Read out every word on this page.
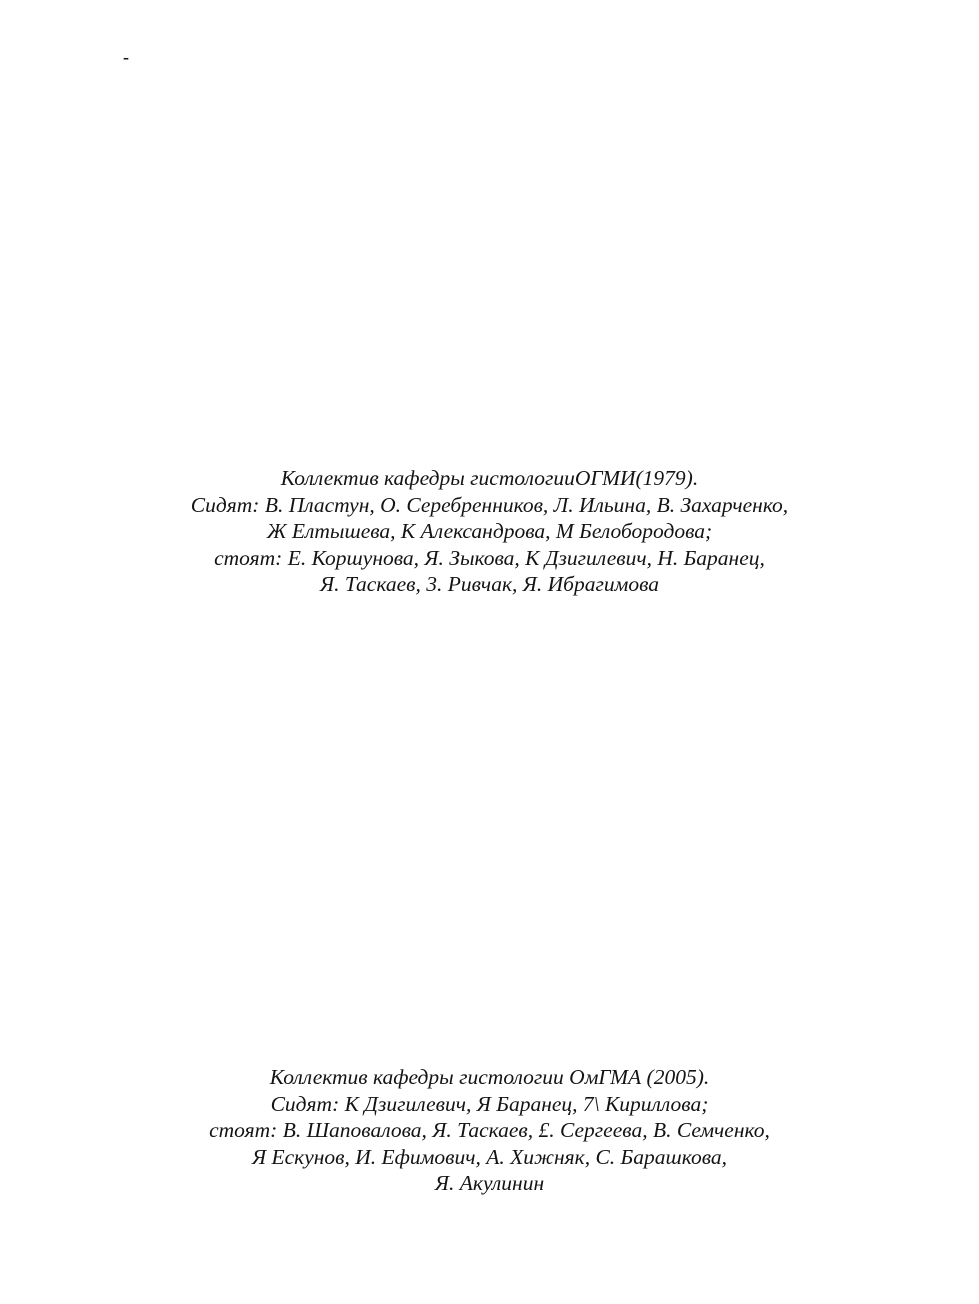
-
Коллектив кафедры гистологииОГМИ(1979).
Сидят: В. Пластун, О. Серебренников, Л. Ильина, В. Захарченко,
Ж Елтышева, К Александрова, М Белобородова;
стоят: Е. Коршунова, Я. Зыкова, К Дзигилевич, Н. Баранец,
Я. Таскаев, 3. Ривчак, Я. Ибрагимова
Коллектив кафедры гистологии ОмГМА (2005).
Сидят: К Дзигилевич, Я Баранец, 7\ Кириллова;
стоят: В. Шаповалова, Я. Таскаев, £. Сергеева, В. Семченко,
Я Ескунов, И. Ефимович, А. Хижняк, С. Барашкова,
Я. Акулинин
